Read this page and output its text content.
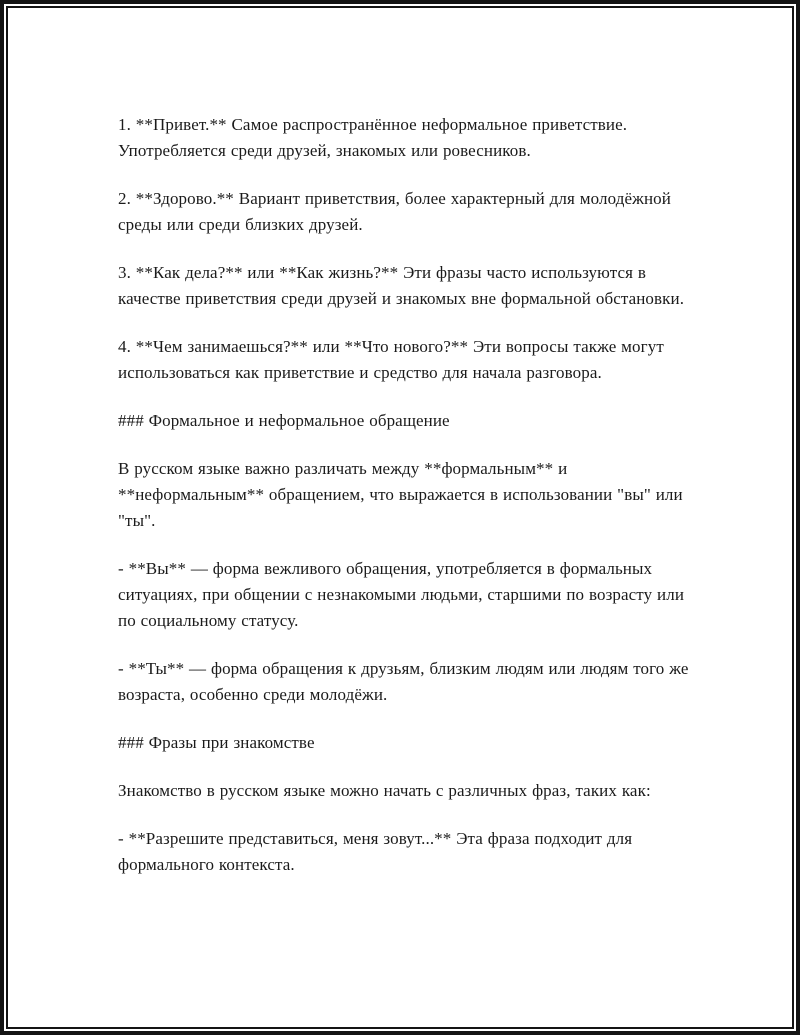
1. **Привет.** Самое распространённое неформальное приветствие. Употребляется среди друзей, знакомых или ровесников.

2. **Здорово.** Вариант приветствия, более характерный для молодёжной среды или среди близких друзей.

3. **Как дела?** или **Как жизнь?** Эти фразы часто используются в качестве приветствия среди друзей и знакомых вне формальной обстановки.

4. **Чем занимаешься?** или **Что нового?** Эти вопросы также могут использоваться как приветствие и средство для начала разговора.

### Формальное и неформальное обращение

В русском языке важно различать между **формальным** и **неформальным** обращением, что выражается в использовании "вы" или "ты".

- **Вы** — форма вежливого обращения, употребляется в формальных ситуациях, при общении с незнакомыми людьми, старшими по возрасту или по социальному статусу.

- **Ты** — форма обращения к друзьям, близким людям или людям того же возраста, особенно среди молодёжи.

### Фразы при знакомстве

Знакомство в русском языке можно начать с различных фраз, таких как:

- **Разрешите представиться, меня зовут...** Эта фраза подходит для формального контекста.
